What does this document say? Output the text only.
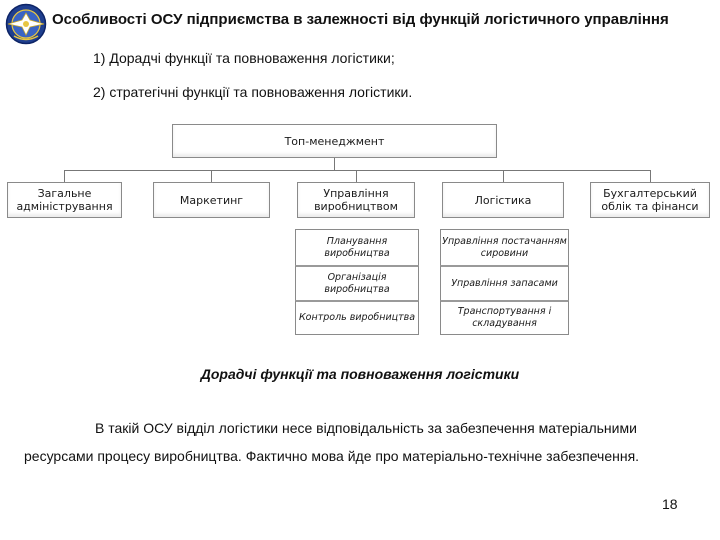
Особливості ОСУ підприємства в залежності від функцій логістичного управління
1) Дорадчі функції та повноваження логістики;
2) стратегічні функції та повноваження логістики.
Топ-менеджмент
Загальне адміністрування	Маркетинг	Управління виробництвом	Логістика	Бухгалтерський облік та фінанси
Планування виробництва
Організація виробництва
Контроль виробництва
Управління постачанням сировини
Управління запасами
Транспортування і складування
Дорадчі функції та повноваження логістики
В такій ОСУ відділ логістики несе відповідальність за забезпечення матеріальними
ресурсами процесу виробництва. Фактично мова йде про матеріально-технічне забезпечення.
18
